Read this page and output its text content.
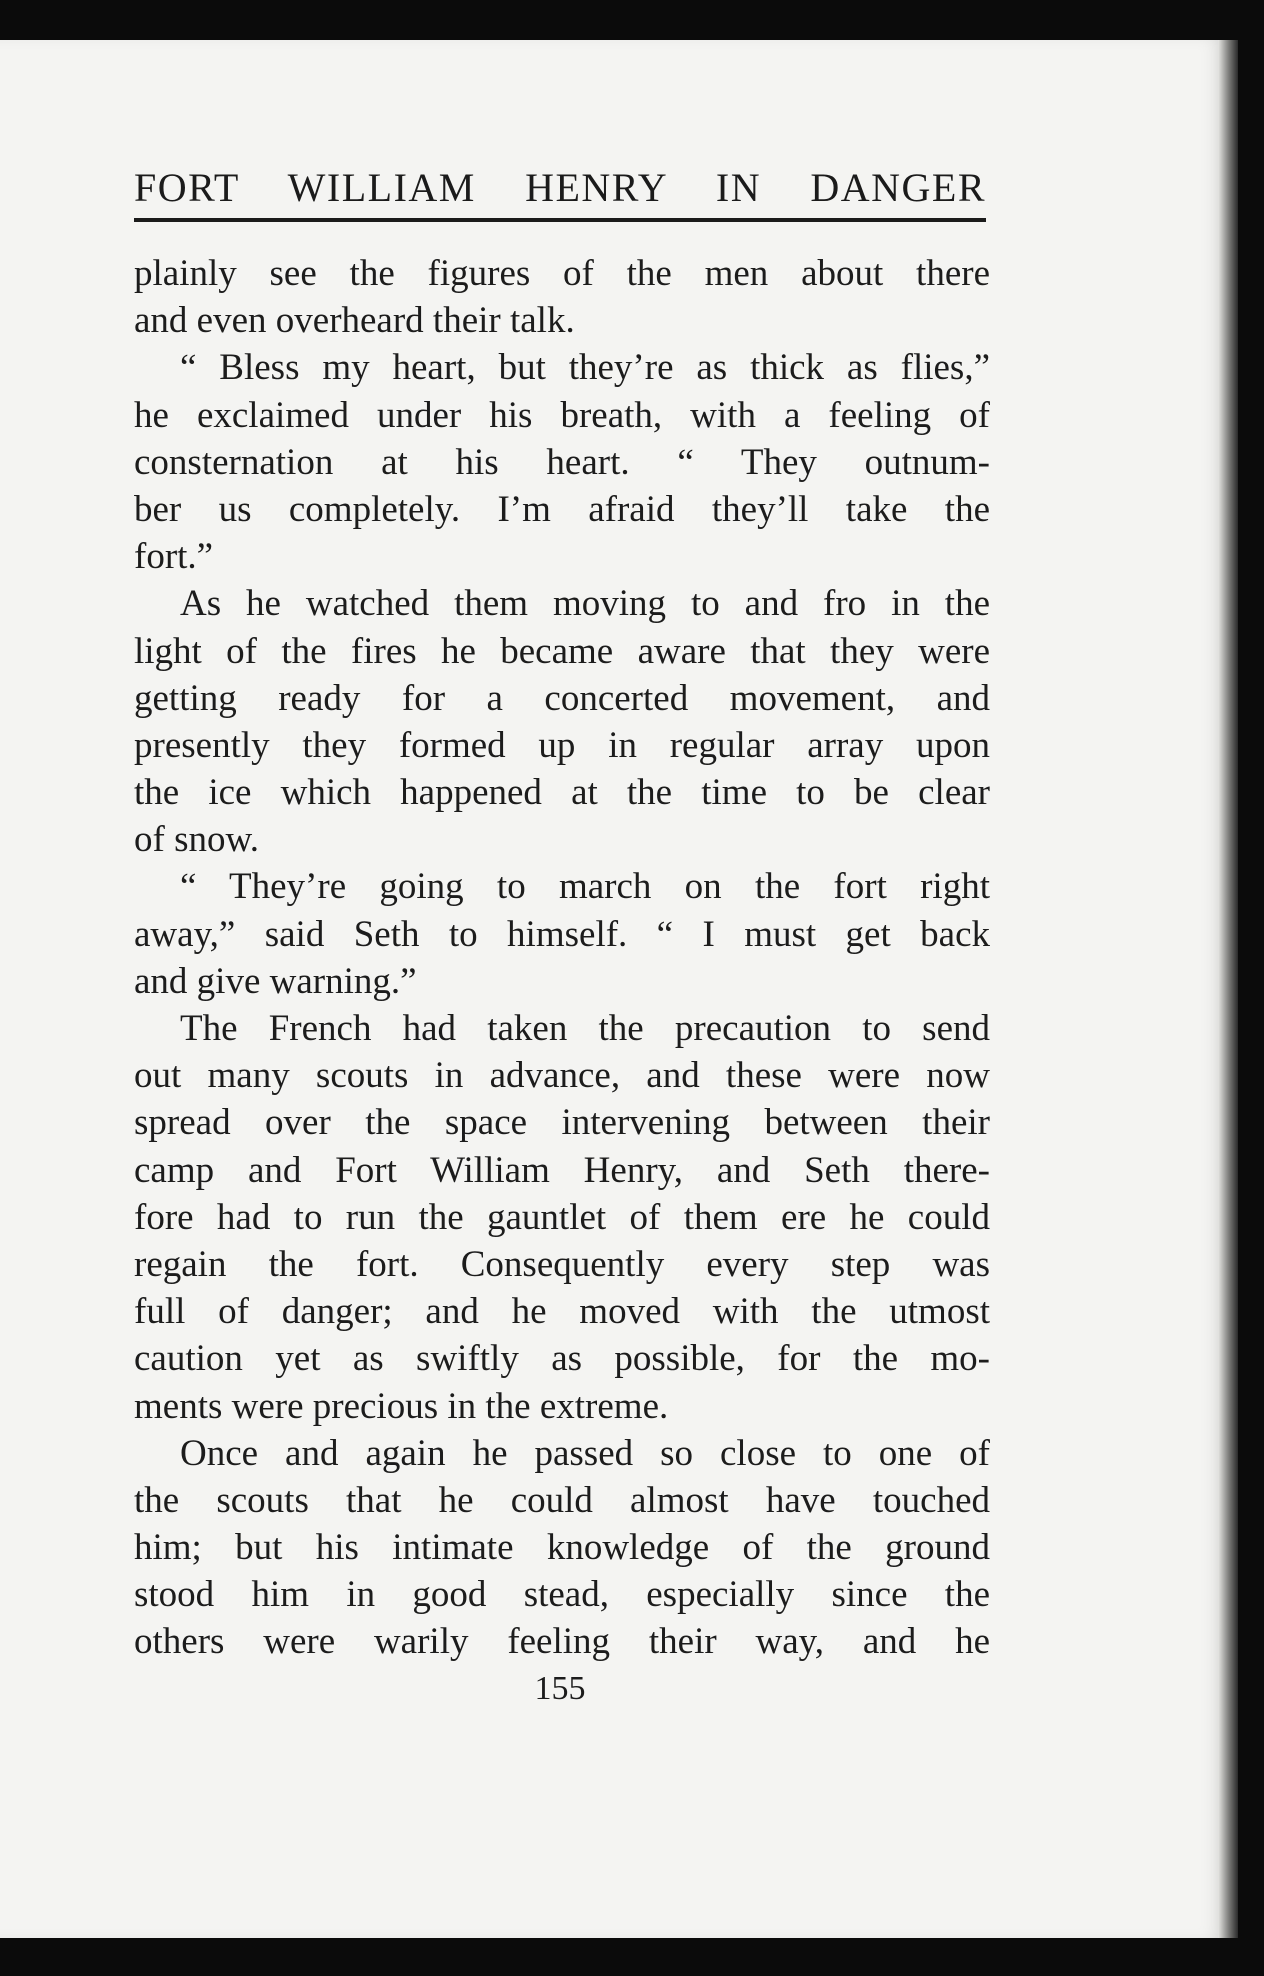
FORT WILLIAM HENRY IN DANGER
plainly see the figures of the men about there
and even overheard their talk.
“ Bless my heart, but they’re as thick as flies,”
he exclaimed under his breath, with a feeling of
consternation at his heart. “ They outnum-
ber us completely. I’m afraid they’ll take the
fort.”
As he watched them moving to and fro in the
light of the fires he became aware that they were
getting ready for a concerted movement, and
presently they formed up in regular array upon
the ice which happened at the time to be clear
of snow.
“ They’re going to march on the fort right
away,” said Seth to himself. “ I must get back
and give warning.”
The French had taken the precaution to send
out many scouts in advance, and these were now
spread over the space intervening between their
camp and Fort William Henry, and Seth there-
fore had to run the gauntlet of them ere he could
regain the fort. Consequently every step was
full of danger; and he moved with the utmost
caution yet as swiftly as possible, for the mo-
ments were precious in the extreme.
Once and again he passed so close to one of
the scouts that he could almost have touched
him; but his intimate knowledge of the ground
stood him in good stead, especially since the
others were warily feeling their way, and he
155
